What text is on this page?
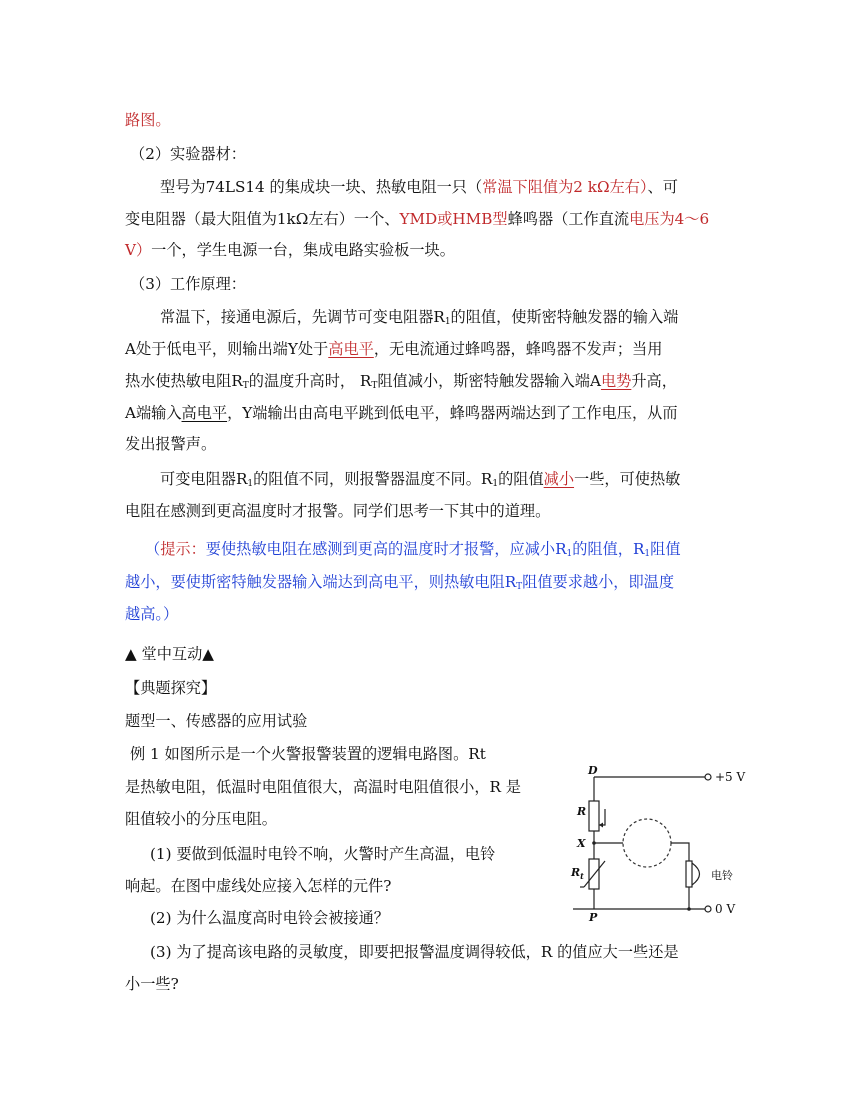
路图。
（2）实验器材：
型号为74LS14 的集成块一块、热敏电阻一只（常温下阻值为2 kΩ左右）、可
变电阻器（最大阻值为1kΩ左右）一个、YMD或HMB型蜂鸣器（工作直流电压为4～6
V）一个，学生电源一台，集成电路实验板一块。
（3）工作原理：
常温下，接通电源后，先调节可变电阻器$R_1$的阻值，使斯密特触发器的输入端
A处于低电平，则输出端Y处于高电平，无电流通过蜂鸣器，蜂鸣器不发声；当用
热水使热敏电阻$R_T$的温度升高时， $R_T$阻值减小，斯密特触发器输入端A电势升高，
A端输入高电平，Y端输出由高电平跳到低电平，蜂鸣器两端达到了工作电压，从而
发出报警声。
可变电阻器$R_1$的阻值不同，则报警器温度不同。$R_1$的阻值减小一些，可使热敏
电阻在感测到更高温度时才报警。同学们思考一下其中的道理。
（提示：要使热敏电阻在感测到更高的温度时才报警，应减小$R_1$的阻值，$R_1$阻值
越小，要使斯密特触发器输入端达到高电平，则热敏电阻$R_T$阻值要求越小，即温度
越高。）
▲ 堂中互动▲
【典题探究】
题型一、传感器的应用试验
例 1 如图所示是一个火警报警装置的逻辑电路图。Rt
是热敏电阻，低温时电阻值很大，高温时电阻值很小，R 是
阻值较小的分压电阻。
(1) 要做到低温时电铃不响，火警时产生高温，电铃
响起。在图中虚线处应接入怎样的元件?
(2) 为什么温度高时电铃会被接通？
(3) 为了提高该电路的灵敏度，即要把报警温度调得较低，R 的值应大一些还是
小一些?
+5 V
D
R
X
$R_t$
0 V
P
电铃
